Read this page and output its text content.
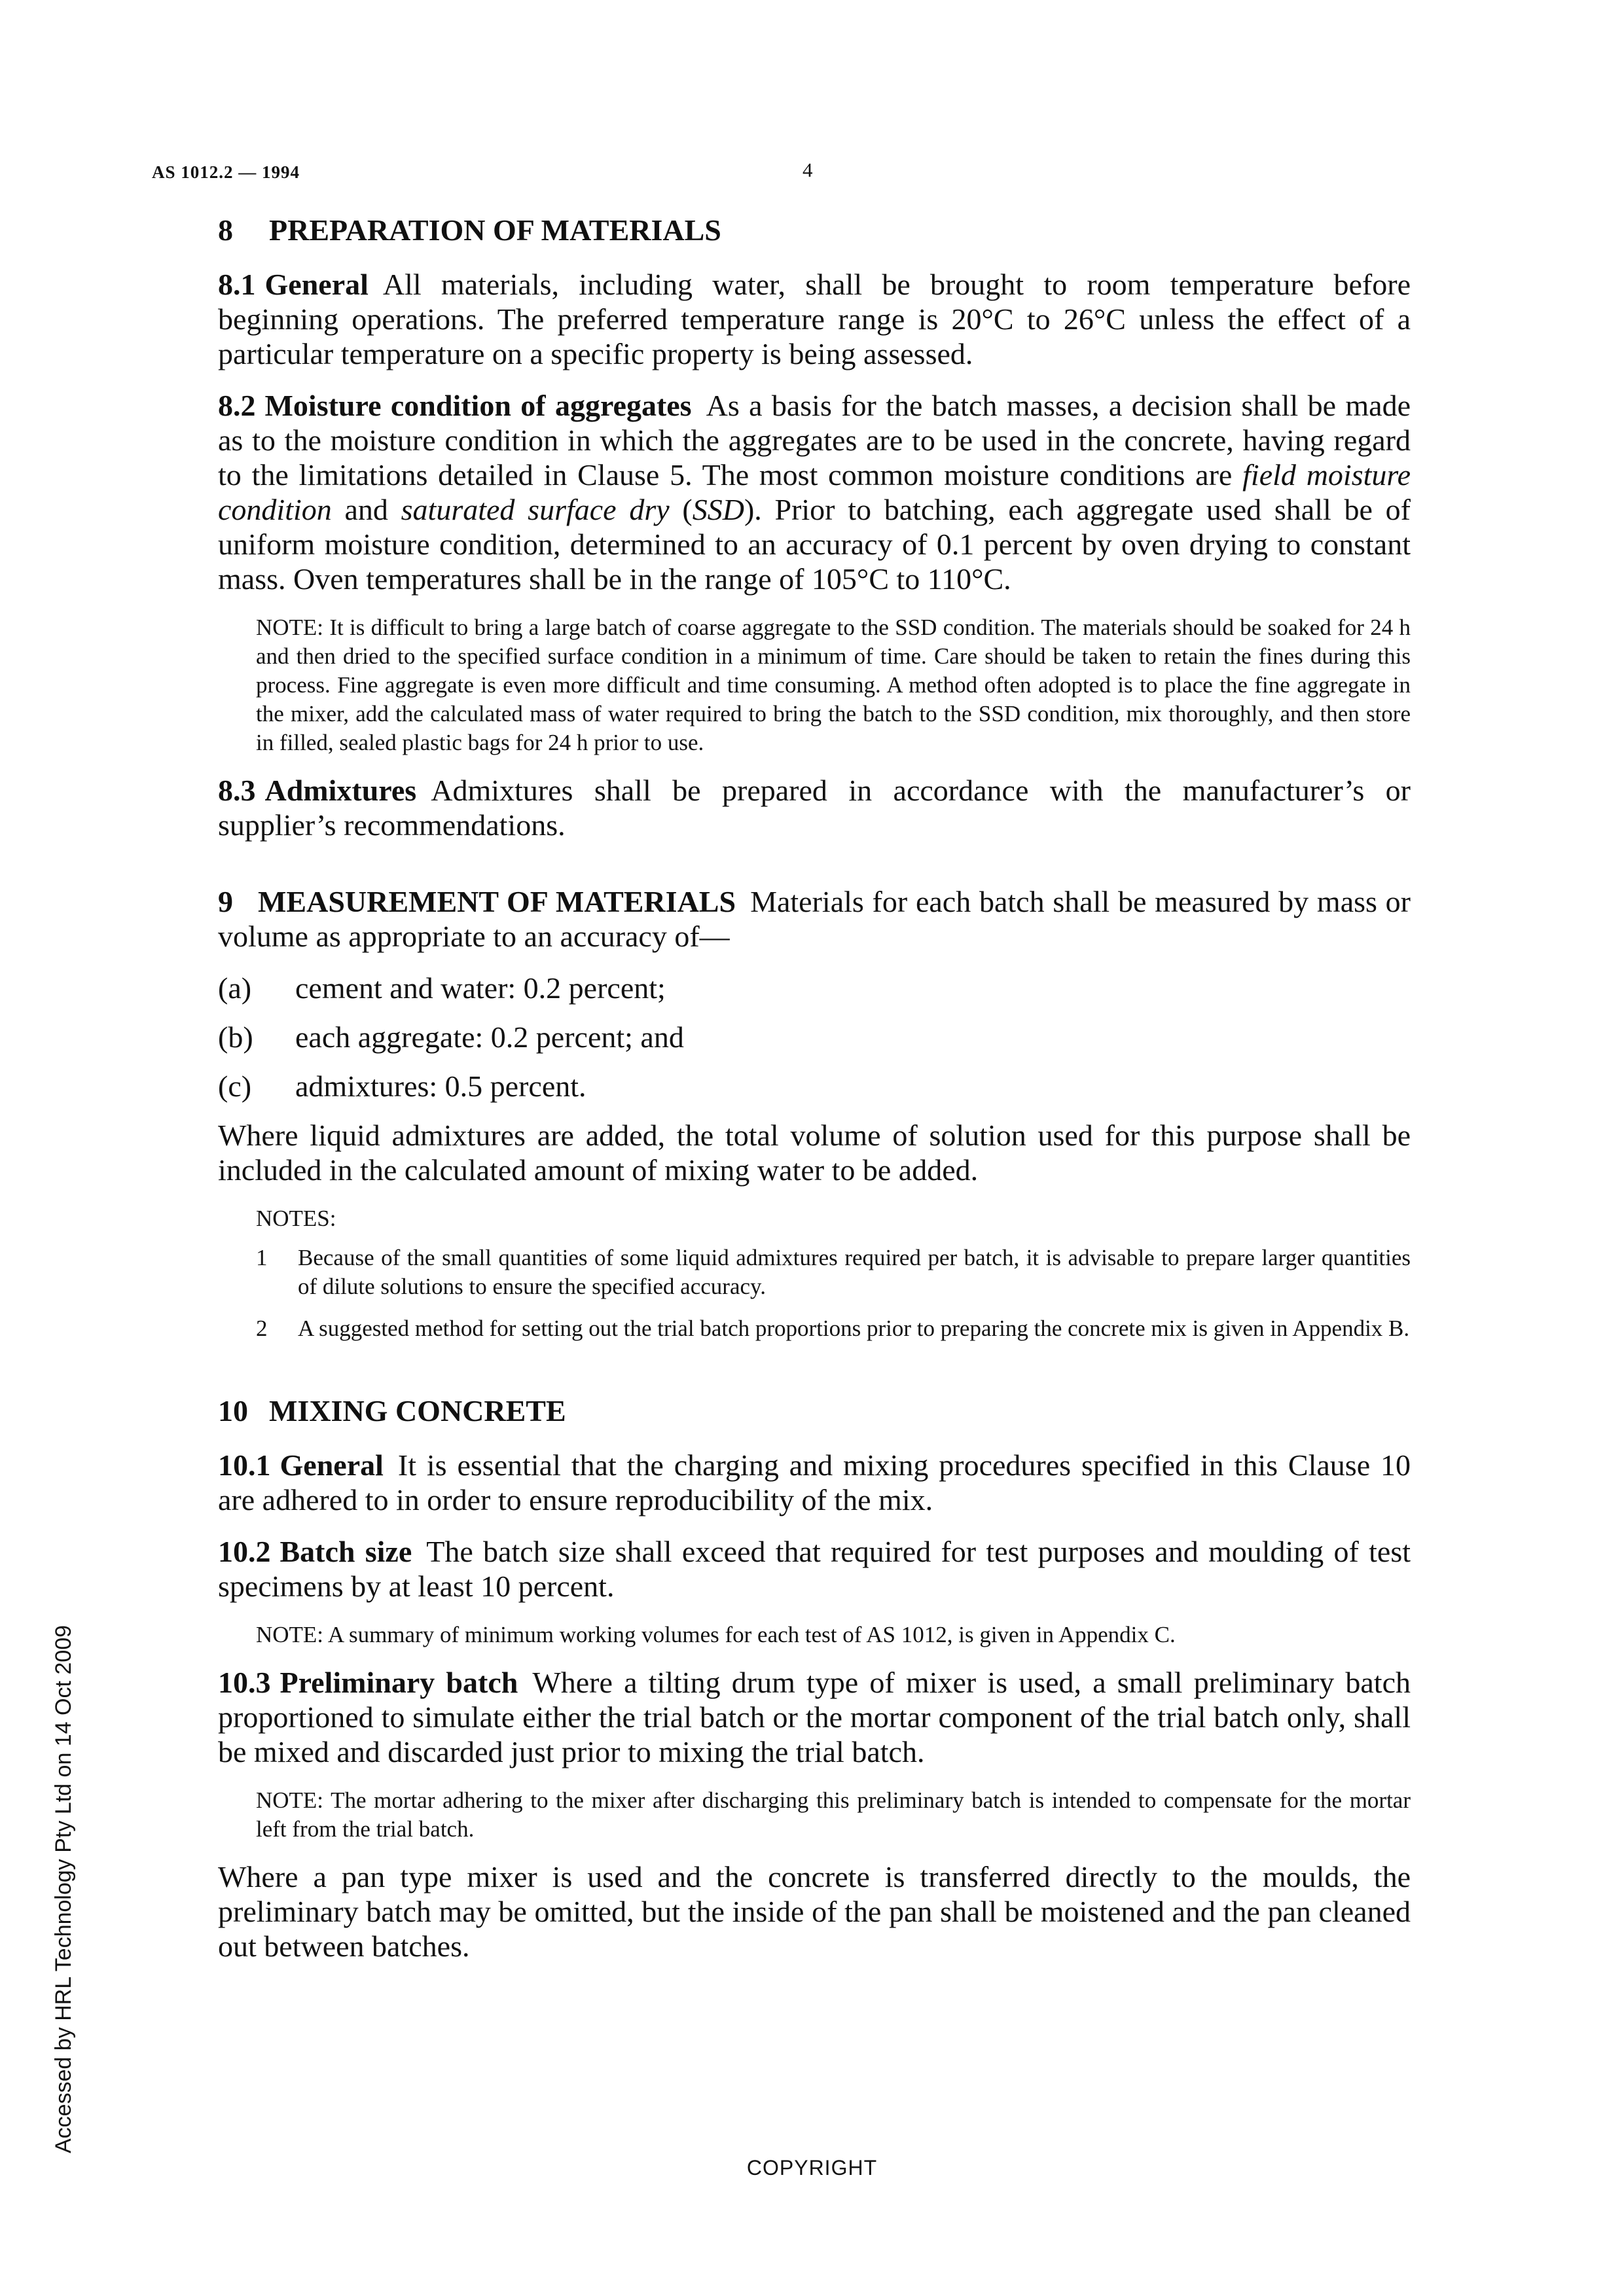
AS 1012.2 — 1994	4
8 PREPARATION OF MATERIALS
8.1 General All materials, including water, shall be brought to room temperature before beginning operations. The preferred temperature range is 20°C to 26°C unless the effect of a particular temperature on a specific property is being assessed.
8.2 Moisture condition of aggregates As a basis for the batch masses, a decision shall be made as to the moisture condition in which the aggregates are to be used in the concrete, having regard to the limitations detailed in Clause 5. The most common moisture conditions are field moisture condition and saturated surface dry (SSD). Prior to batching, each aggregate used shall be of uniform moisture condition, determined to an accuracy of 0.1 percent by oven drying to constant mass. Oven temperatures shall be in the range of 105°C to 110°C.
NOTE: It is difficult to bring a large batch of coarse aggregate to the SSD condition. The materials should be soaked for 24 h and then dried to the specified surface condition in a minimum of time. Care should be taken to retain the fines during this process. Fine aggregate is even more difficult and time consuming. A method often adopted is to place the fine aggregate in the mixer, add the calculated mass of water required to bring the batch to the SSD condition, mix thoroughly, and then store in filled, sealed plastic bags for 24 h prior to use.
8.3 Admixtures Admixtures shall be prepared in accordance with the manufacturer’s or supplier’s recommendations.
9 MEASUREMENT OF MATERIALS Materials for each batch shall be measured by mass or volume as appropriate to an accuracy of—
(a)	cement and water: 0.2 percent;
(b)	each aggregate: 0.2 percent; and
(c)	admixtures: 0.5 percent.
Where liquid admixtures are added, the total volume of solution used for this purpose shall be included in the calculated amount of mixing water to be added.
NOTES:
1	Because of the small quantities of some liquid admixtures required per batch, it is advisable to prepare larger quantities of dilute solutions to ensure the specified accuracy.
2	A suggested method for setting out the trial batch proportions prior to preparing the concrete mix is given in Appendix B.
10 MIXING CONCRETE
10.1 General It is essential that the charging and mixing procedures specified in this Clause 10 are adhered to in order to ensure reproducibility of the mix.
10.2 Batch size The batch size shall exceed that required for test purposes and moulding of test specimens by at least 10 percent.
NOTE: A summary of minimum working volumes for each test of AS 1012, is given in Appendix C.
10.3 Preliminary batch Where a tilting drum type of mixer is used, a small preliminary batch proportioned to simulate either the trial batch or the mortar component of the trial batch only, shall be mixed and discarded just prior to mixing the trial batch.
NOTE: The mortar adhering to the mixer after discharging this preliminary batch is intended to compensate for the mortar left from the trial batch.
Where a pan type mixer is used and the concrete is transferred directly to the moulds, the preliminary batch may be omitted, but the inside of the pan shall be moistened and the pan cleaned out between batches.
COPYRIGHT
Accessed by HRL Technology Pty Ltd on 14 Oct 2009
